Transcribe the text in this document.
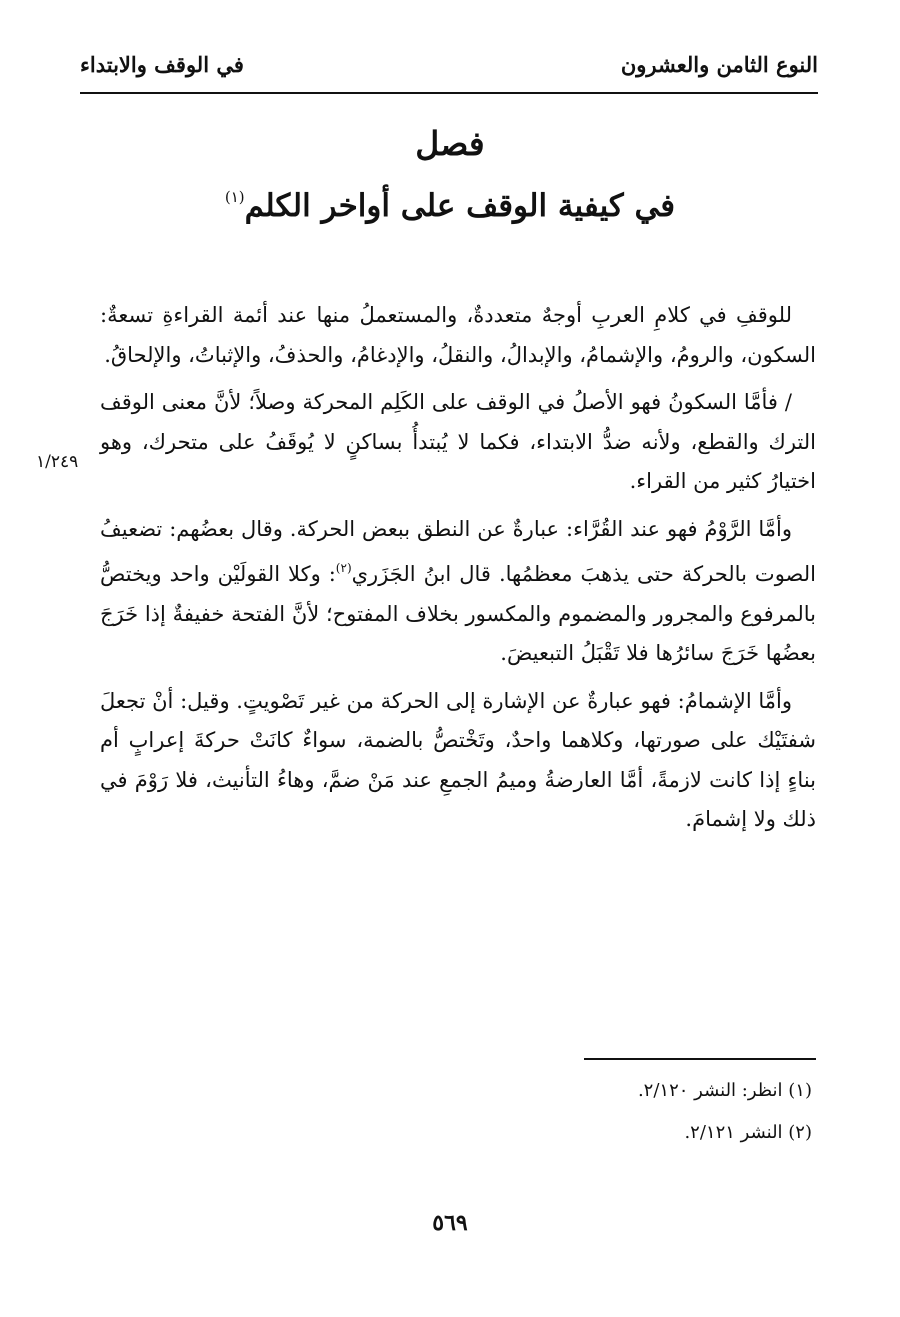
النوع الثامن والعشرون
في الوقف والابتداء
فصل
في كيفية الوقف على أواخر الكلم$^{(١)}$
١/٢٤٩

للوقفِ في كلامِ العربِ أوجهٌ متعددةٌ، والمستعملُ منها عند أئمة القراءةِ تسعةٌ: السكون، والرومُ، والإشمامُ، والإبدالُ، والنقلُ، والإدغامُ، والحذفُ، والإثباتُ، والإلحاقُ.

/ فأمَّا السكونُ فهو الأصلُ في الوقف على الكَلِم المحركة وصلاً؛ لأنَّ معنى الوقف الترك والقطع، ولأنه ضدُّ الابتداء، فكما لا يُبتدأُ بساكنٍ لا يُوقَفُ على متحرك، وهو اختيارُ كثير من القراء.

وأمَّا الرَّوْمُ فهو عند القُرَّاء: عبارةٌ عن النطق ببعض الحركة. وقال بعضُهم: تضعيفُ الصوت بالحركة حتى يذهبَ معظمُها. قال ابنُ الجَزَري$^{(٢)}$: وكلا القولَيْن واحد ويختصُّ بالمرفوع والمجرور والمضموم والمكسور بخلاف المفتوح؛ لأنَّ الفتحة خفيفةٌ إذا خَرَجَ بعضُها خَرَجَ سائرُها فلا تَقْبَلُ التبعيضَ.

وأمَّا الإشمامُ: فهو عبارةٌ عن الإشارة إلى الحركة من غير تَصْويتٍ. وقيل: أنْ تجعلَ شفتَيْك على صورتها، وكلاهما واحدٌ، وتَخْتصُّ بالضمة، سواءٌ كانَتْ حركةَ إعرابٍ أم بناءٍ إذا كانت لازمةً، أمَّا العارضةُ وميمُ الجمعِ عند مَنْ ضمَّ، وهاءُ التأنيث، فلا رَوْمَ في ذلك ولا إشمامَ.

(١) انظر: النشر ٢/١٢٠.

(٢) النشر ٢/١٢١.

٥٦٩
